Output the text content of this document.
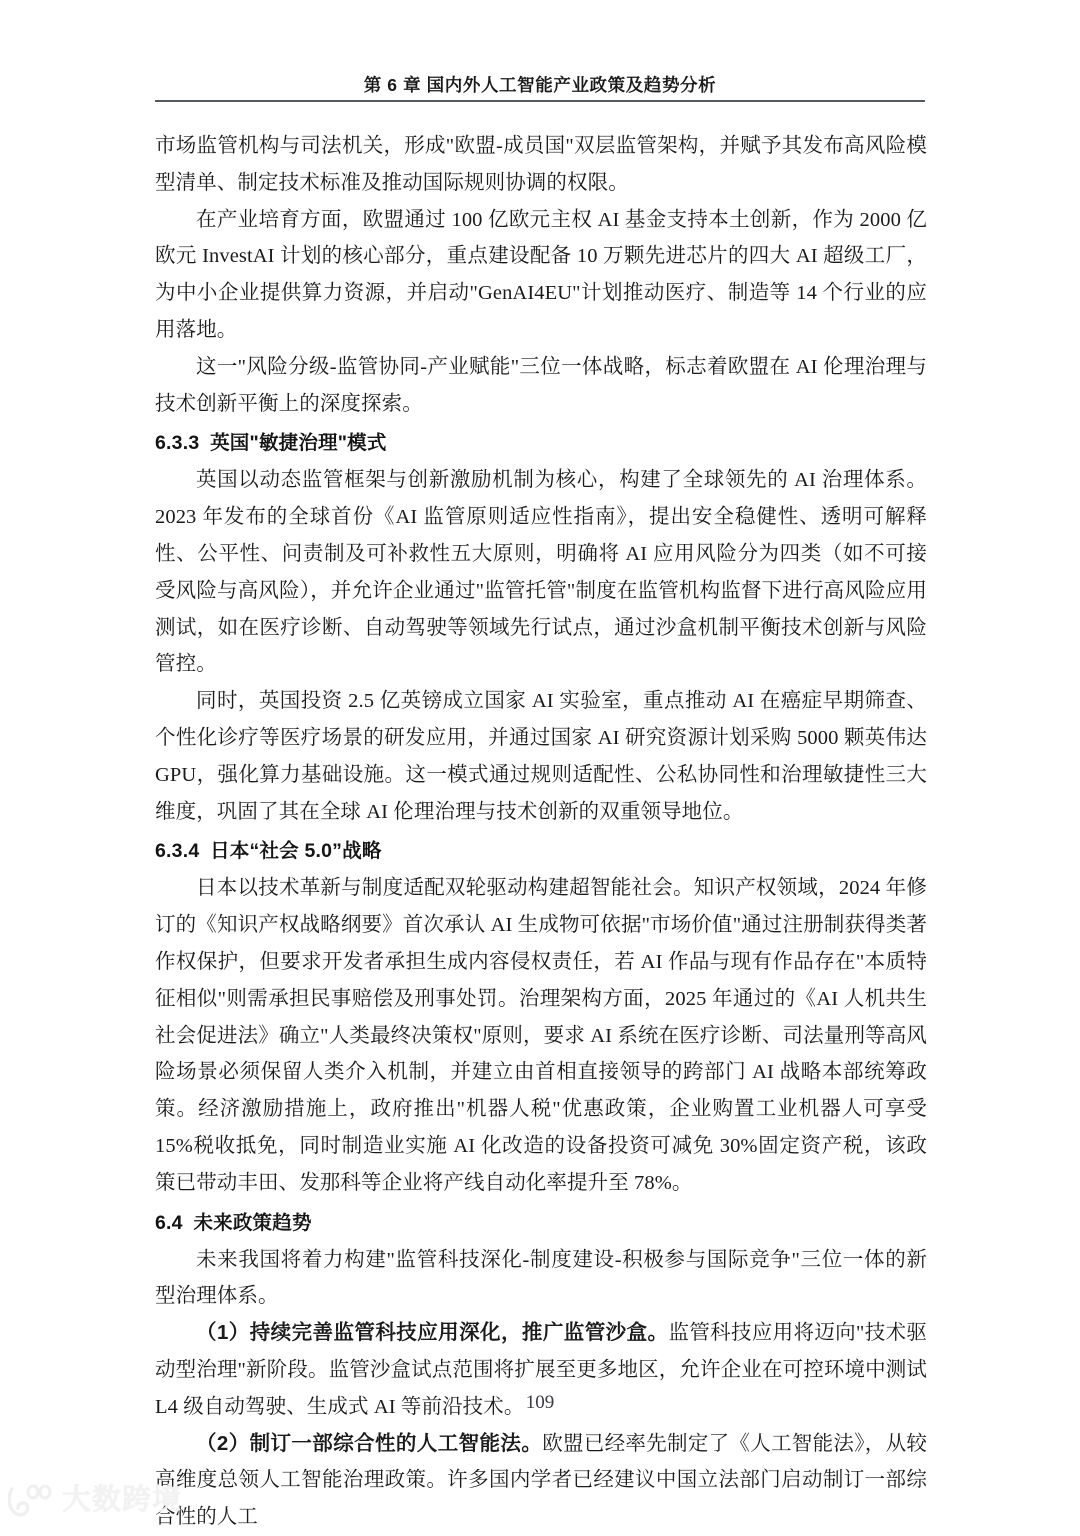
第 6 章 国内外人工智能产业政策及趋势分析

市场监管机构与司法机关，形成"欧盟-成员国"双层监管架构，并赋予其发布高风险模型清单、制定技术标准及推动国际规则协调的权限。

在产业培育方面，欧盟通过 100 亿欧元主权 AI 基金支持本土创新，作为 2000 亿欧元 InvestAI 计划的核心部分，重点建设配备 10 万颗先进芯片的四大 AI 超级工厂，为中小企业提供算力资源，并启动"GenAI4EU"计划推动医疗、制造等 14 个行业的应用落地。

这一"风险分级-监管协同-产业赋能"三位一体战略，标志着欧盟在 AI 伦理治理与技术创新平衡上的深度探索。

6.3.3 英国"敏捷治理"模式

英国以动态监管框架与创新激励机制为核心，构建了全球领先的 AI 治理体系。2023 年发布的全球首份《AI 监管原则适应性指南》，提出安全稳健性、透明可解释性、公平性、问责制及可补救性五大原则，明确将 AI 应用风险分为四类（如不可接受风险与高风险），并允许企业通过"监管托管"制度在监管机构监督下进行高风险应用测试，如在医疗诊断、自动驾驶等领域先行试点，通过沙盒机制平衡技术创新与风险管控。

同时，英国投资 2.5 亿英镑成立国家 AI 实验室，重点推动 AI 在癌症早期筛查、个性化诊疗等医疗场景的研发应用，并通过国家 AI 研究资源计划采购 5000 颗英伟达 GPU，强化算力基础设施。这一模式通过规则适配性、公私协同性和治理敏捷性三大维度，巩固了其在全球 AI 伦理治理与技术创新的双重领导地位。

6.3.4 日本“社会 5.0”战略

日本以技术革新与制度适配双轮驱动构建超智能社会。知识产权领域，2024 年修订的《知识产权战略纲要》首次承认 AI 生成物可依据"市场价值"通过注册制获得类著作权保护，但要求开发者承担生成内容侵权责任，若 AI 作品与现有作品存在"本质特征相似"则需承担民事赔偿及刑事处罚。治理架构方面，2025 年通过的《AI 人机共生社会促进法》确立"人类最终决策权"原则，要求 AI 系统在医疗诊断、司法量刑等高风险场景必须保留人类介入机制，并建立由首相直接领导的跨部门 AI 战略本部统筹政策。经济激励措施上，政府推出"机器人税"优惠政策，企业购置工业机器人可享受 15%税收抵免，同时制造业实施 AI 化改造的设备投资可减免 30%固定资产税，该政策已带动丰田、发那科等企业将产线自动化率提升至 78%。

6.4 未来政策趋势

未来我国将着力构建"监管科技深化-制度建设-积极参与国际竞争"三位一体的新型治理体系。

（1）持续完善监管科技应用深化，推广监管沙盒。监管科技应用将迈向"技术驱动型治理"新阶段。监管沙盒试点范围将扩展至更多地区，允许企业在可控环境中测试 L4 级自动驾驶、生成式 AI 等前沿技术。

（2）制订一部综合性的人工智能法。欧盟已经率先制定了《人工智能法》，从较高维度总领人工智能治理政策。许多国内学者已经建议中国立法部门启动制订一部综合性的人工

109
大数跨境
